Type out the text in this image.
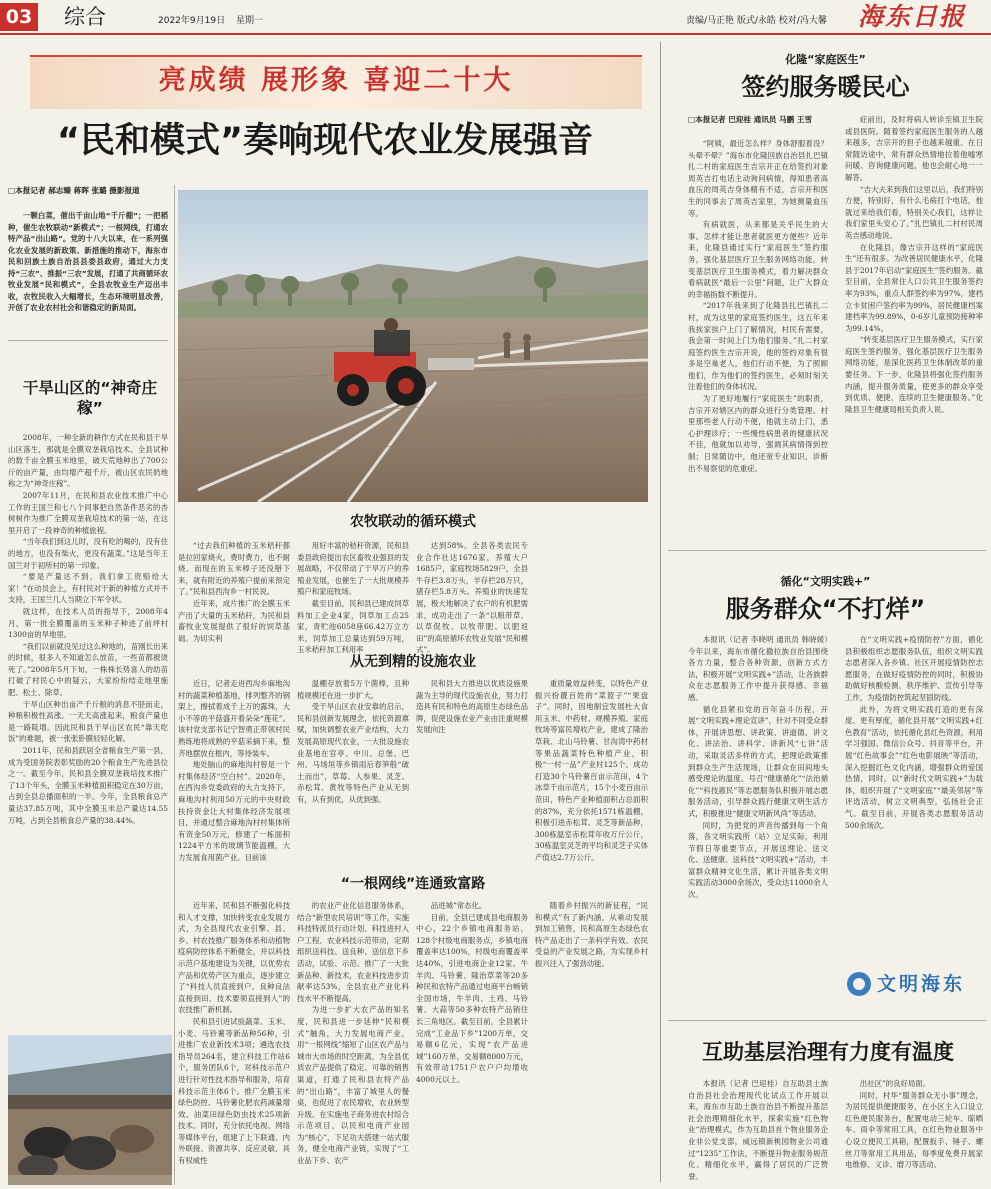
03 综合	2022年9月19日 星期一	责编/马正艳 版式/永皓 校对/冯大馨 海东日报
亮成绩 展形象 喜迎二十大
“民和模式”奏响现代农业发展强音
□本报记者 郝志臻 蒋晖 张璐 摄影报道

一颗白菜，催出千亩山地“千斤棚”；一把稻种，催生农牧联动“新模式”；一根网线，打通农特产品“出山路”。党的十八大以来，在一系列强化农业发展的新政策、新措施的推动下，海东市民和回族土族自治县县委县政府，通过大力支持“三农”、推振“三农”发展，打通了共商循环农牧业发展“民和模式”，全县农牧业生产迈出丰收，农牧民收入大幅增长，生态环境明显改善，开创了农业农村社会和谐稳定的新局面。

干旱山区的“神奇庄稼”

2008年，一种全新的耕作方式在民和县干旱山区落生，那就是全膜双垄栽培技术。全县试种的数千亩全膜玉米地里，破天荒地种出了700公斤的亩产量，由均增产超千斤，被山区农民奶地称之为“神奇庄稼”。

2007年11月，在民和县农业技术推广中心工作的王国兰和七八个同事把自然条件恶劣的杏树树作为推广全膜双垄栽培技术的第一站，在这里开启了一段神奇的种植旅程。

“当年我们到这儿时，没有吃的喝的，没有住的地方，也没有柴火，更没有蔬菜。”这是当年王国兰对于初所村的第一印象。

“要是产量达不到，我们拿工资赔给大家！”在动员会上，有村民对干新的种植方式并不支持，王国兰几人当期立下军令状。

就这样，在技术人员的指导下，2008年4月，第一批全膜覆盖的玉米种子种进了前坪村1300亩的旱地里。

“我们以前就没见过这么种地的，苗刚长出来的时候，很多人不知道怎么放苗，一些苗都被烫死了。”2008年5月下旬，一株株长势喜人的幼苗打破了村民心中的疑云，大家纷纷结走地里施肥、松土、除草。

干旱山区种出亩产千斤粮的消息不胫而走，种粮积极性高涨。一天天高涨起来，粮食产量也是一路陡增。因此民和县干旱山区农民“靠天吃饭”的难题，被一张张卧膜轻轻化解。

2011年，民和县跃居全省粮食生产第一县，成为受国务院表彰奖励的20个粮食生产先进县位之一。截至今年，民和县全膜双垄栽培技术推广了13个年头，全膜玉米种植面积稳定在30万亩，占到全县总播面积的一半。今年，全县粮食总产量达37.85万吨，其中全膜玉米总产量达14.55万吨，占到全县粮食总产量的38.44%。

农牧联动的循环模式

“过去我们种植的玉米秸秆都是拉回家烧火，费时费力，也不耐烧。而现在的玉米棒子还没掰下来，就有附近的养殖户提前来预定了。”民和县西沟乡一村民说。

近年来，成片推广的全膜玉米产出了大量的玉米秸秆，为民和县畜牧业发展提供了很好的饲草基础。为切实利

用好丰富的秸秆资源，民和县委县政府提出农区畜牧业强县的发展战略，不仅带动了干旱万户的养殖业发展，也催生了一大批规模养殖户和家庭牧场。

截至目前，民和县已建成饲草料加工企业4家，饲草加工点25家，青贮池6058座66.42万立方米，饲草加工总量达到59万吨，玉米秸秆加工利用率

达到58%。全县各类农民专业合作社达1676家，养殖大户1685户，家庭牧场5829户，全县牛存栏3.8万头，羊存栏28万只，猪存栏5.8万头。养殖业的快速发展，极大地解决了农户的有机肥需求，成功走出了一条“以粮带草、以草促牧、以牧带肥、以肥返田”的高原循环农牧业发展“民和模式”。

从无到精的设施农业

近日，记者走进西沟乡麻地沟村的蔬菜种植基地，排列整齐的钢架上，擦拭着成千上万的露珠，大小不等的平菇盛开着朵朵“莲花”。该村党支部书记宁智勇正带领村民熟练地将成熟的平菇采摘下来，整齐地摆放在框内，等待装车。

地处脑山的麻地沟村曾是一个村集体经济“空白村”。2020年，在西沟乡党委政府的大力支持下，麻地沟村利用50万元的中央财政扶持资金让大村集体经济发展项目，并通过整合麻地沟村村集体所有资金50万元，修建了一栋面积1224平方米的玻璃节能温棚，大力发展食用菌产业。目前该

温棚存放着5万个菌棒，且种植规模还在进一步扩大。

受干旱山区农业安靠的启示，民和县创新发展理念，依托资源禀赋，加快调整农业产业结构，大力发展高原现代农业，一大批设施农业基地在官亭、中川、总堡、巴州、马场垣等乡镇雨后春笋般“破土而出”，草莓、人参果、灵芝、赤松茸、黄牧等特色产业从无到有，从有到优，从优到强。

民和县大力推进以优质设施果蔬为主导的现代设施农业，努力打造具有民和特色的高原生态绿色品牌，促使设施农业产业由注重规模发展向注

重质量效益转变，以特色产业振兴扮靓百姓的“菜篮子”“果盘子”。同时，因地制宜发展杜大食用玉米、中药材、规模养殖、家庭牧场等富民增收产业，建成了隆治草栽、北山马铃薯、甘沟湾中药材等果品蔬菜特色种植产业，积极“一村一品”产业村125个。成功打造30个马铃薯百亩示范田，4个冰草千亩示范片，15个小麦百亩示范田，特色产业种植面积占总面积的87%，充分依托1571栋温棚，积极引进赤松茸、灵芝等新品种，300栋温室赤松茸年收万斤公斤，30栋温室灵芝的平均和灵芝子实体产值达2.7万公斤。

“一根网线”连通致富路

近年来，民和县不断强化科技和人才支撑，加快转变农业发展方式，为全县现代农业引擎、县、乡、村农技推广服务体系和动植物疫病防控体系不断健全，并以科技示范户基地建设为关键，以优势农产品和优势产区为重点，逐步建立了“科技人员直接到户、良种良法直接到田、技术要领直接到人”的农技推广新机制。

民和县引进试验蔬菜、玉米、小麦、马铃薯等新品种56种，引进推广农业新技术3项；遴选农技指导员264名，建立科技工作站6个，服务团队6个，对科技示范户进行针对性技术指导和服务，培育科技示范主体6个。推广全膜玉米绿色防控、马铃薯化肥农药减量增效、油菜田绿色防虫技术25项新技术。同时，充分依托电视、网络等媒体平台，组建了上下联通、内外联接、资源共享、反应灵敏、具有权威性

的农业产业化信息服务体系，结合“新型农民培训”等工作，实施科技特派员行动计划、科技进村入户工程、农业科技示范带动，定期组织送科技、送良种、送信息下乡活动，试验、示范、推广了一大批新品种、新技术，农业科技进步贡献率达53%，全县农业产业化科技水平不断提高。

为进一步扩大农产品的知名度，民和县进一步延伸“民和模式”触角，大力发展电商产业，用“一根网线”缩短了山区农产品与城市大市场的时空距离，为全县优质农产品提供了稳定、可靠的销售渠道，打通了民和县农特产品的“出山路”，丰富了城里人的餐桌，也促进了农民增收，农业转型升级。在实施电子商务进农村综合示范项目，以民和电商产业园为“核心”，下足功夫搭建一站式服务，健全电商产业链，实现了“工业品下乡、农产

品进城”常态化。

目前，全县已建成县电商服务中心，22个乡镇电商服务站，128个村级电商服务点，乡镇电商覆盖率达100%，村级电商覆盖率达40%，引进电商企业12家。牛羊肉、马铃薯、隆治草菜等20多种民和农特产品通过电商平台畅销全国市场，牛羊肉、土鸡、马铃薯、大蒜等50多种农特产品销往长三角地区。截至目前，全县累计完成“工业品下乡”1200万单，交易额6亿元，实现“农产品进城”160万单，交易额8000万元，有效带动1751户农户户均增收4000元以上。

随着乡村振兴的新征程，“民和模式”有了新内涵，从乘动发展到加工销售，民和高原生态绿色农特产品走出了一条科学有效、农民受益的产业发展之路，为实现乡村振兴注入了强劲动能。

化隆“家庭医生”
签约服务暖民心
□本报记者 巴迎桂 通讯员 马鹏 王雪

“阿姨，最近怎么样？身体舒服着没？头晕不晕？”海东市化隆回族自治县扎巴镇扎二村的家庭医生吉宗开正在给签约对象周英吉打电话主动询问病情，得知患者高血压的周英吉身体精有不适，吉宗开和医生的同事去了周英吉家里，为她测量血压等。

有病就医，从来都是关乎民生的大事。怎样才能让患者就医更方便些？近年来，化隆县通过实行“家庭医生”签约服务，强化基层医疗卫生服务网络功能，转变基层医疗卫生服务模式，着力解决群众看病就医“最后一公里”问题，让广大群众的幸福指数不断提升。

“2017年我来到了化隆县扎巴镇扎二村，成为这里的家庭签约医生，这五年来我挨家挨户上门了解情况，村民有需要，我会第一时间上门为他们服务。”扎二村家庭签约医生吉宗开说，他的签约对象有很多是空巢老人，他们行动不便，为了照顾他们，作为他们的签约医生，必须时刻关注着他们的身体状况。

为了更好地履行“家庭医生”的职责，吉宗开对辖区内的群众进行分类管理。村里那些老人行动不便，他就主动上门，悉心护理诊疗；一些慢性病患者的健康状况不佳，他就加以劝导，强调其病情得到控制；日常随访中，他还宽专业知识，诊断出不易察觉的危重症。

症前出，及时将病人转诊至镇卫生院或县医院。随着签约家庭医生服务的人越来越多，吉宗开的担子也越来越重。在日常随访途中，常有群众热情地拉着他嘘寒问暖、咨询健康问题，他也会耐心地一一解答。

“吉大夫来到我们这里以后，我们特别方便，特别好，有什么毛病打个电话，他就过来给我们看，特别关心我们，这样让我们家里头安心了。”扎巴镇扎二村村民周英吉感动地说。

在化隆县，像吉宗开这样的“家庭医生”还有很多。为改善居民健康水平，化隆县于2017年启动“家庭医生”签约服务。截至目前，全县常住人口公共卫生服务签约率为93%，重点人群签约率为97%，建档立卡贫困户签约率为99%，居民健康档案建档率为99.89%，0-6岁儿童预防接种率为99.14%。

“转变基层医疗卫生服务模式，实行家庭医生签约服务，强化基层医疗卫生服务网络功能，是深化医药卫生体制改革的重要任务。下一步，化隆县将强化签约服务内涵，提升服务质量，使更多的群众享受到优质、便捷、连续的卫生健康服务。”化隆县卫生健康局相关负责人说。

循化“文明实践+”
服务群众“不打烊”

本报讯（记者 李晓明 通讯员 韩晓媛）今年以来，海东市循化撒拉族自治县围绕各方力量，整合各种资源，创新方式方法，积极开展“文明实践+”活动，让各族群众在志愿服务工作中提升获得感、幸福感。

循化县紧扣党的百年奋斗历程，开展“文明实践+理论宣讲”，针对不同受众群体，开展讲思想、讲政策、讲道德、讲文化、讲法治、讲科学、讲新风“七讲”活动，采取灵活多样的方式，把理论政策推到群众生产生活现场，让群众在田间地头感受理论的温度。号召“健康循化”“法治循化”“科技惠民”等志愿服务队积极开展志愿服务活动，引导群众践行健康文明生活方式，积极推进“健康文明新风尚”等活动。

同时，为把党的声音传播到每一个角落，各文明实践所（站）立足实际，利用节假日等重要节点，开展送理论、送文化、送健康、送科技“文明实践+”活动，丰富群众精神文化生活，累计开展各类文明实践活动3000余场次，受众达11000余人次。

在“文明实践+疫情防控”方面，循化县积极组织志愿服务队伍，组织文明实践志愿者深入各乡镇、社区开展疫情防控志愿服务，在做好疫情防控的同时，积极协助做好核酸检测、秩序维护、宣传引导等工作，为疫情防控筑起坚固防线。

此外，为将文明实践打造的更有深度、更有厚度，循化县开展“文明实践+红色教育”活动，依托循化县红色资源，利用学习强国、微信公众号、抖音等平台，开展“红色故事会”“红色电影展映”等活动，深入挖掘红色文化内涵，增强群众的爱国热情，同时，以“新时代文明实践+”为载体，组织开展了“文明家庭”“最美邻居”等评选活动，树立文明典型，弘扬社会正气。截至目前，开展各类志愿服务活动500余场次。

文明海东
互助基层治理有力度有温度

本报讯（记者 巴迎桂）自互助县土族自治县社会治理现代化试点工作开展以来，海东市互助土族自治县不断提升基层社会治理精细化水平，探索实施“红色物业”治理模式，作为互助县首个物业服务企业非公党支部，威远镇新桃园物业公司通过“1235”工作法，不断提升物业服务规范化、精细化水平，赢得了居民的广泛赞誉。

出社区”的良好局面。

同时，村华“服务群众无小事”理念，为居民提供便捷服务，在小区主入口设立红色便民服务台，配置电动三轮车、晾晒车、雨伞等常用工具，在红色物业服务中心设立便民工具箱，配置扳手、锤子、螺丝刀等常用工具用品，每季度免费开展家电维修、义诊、磨刀等活动。
